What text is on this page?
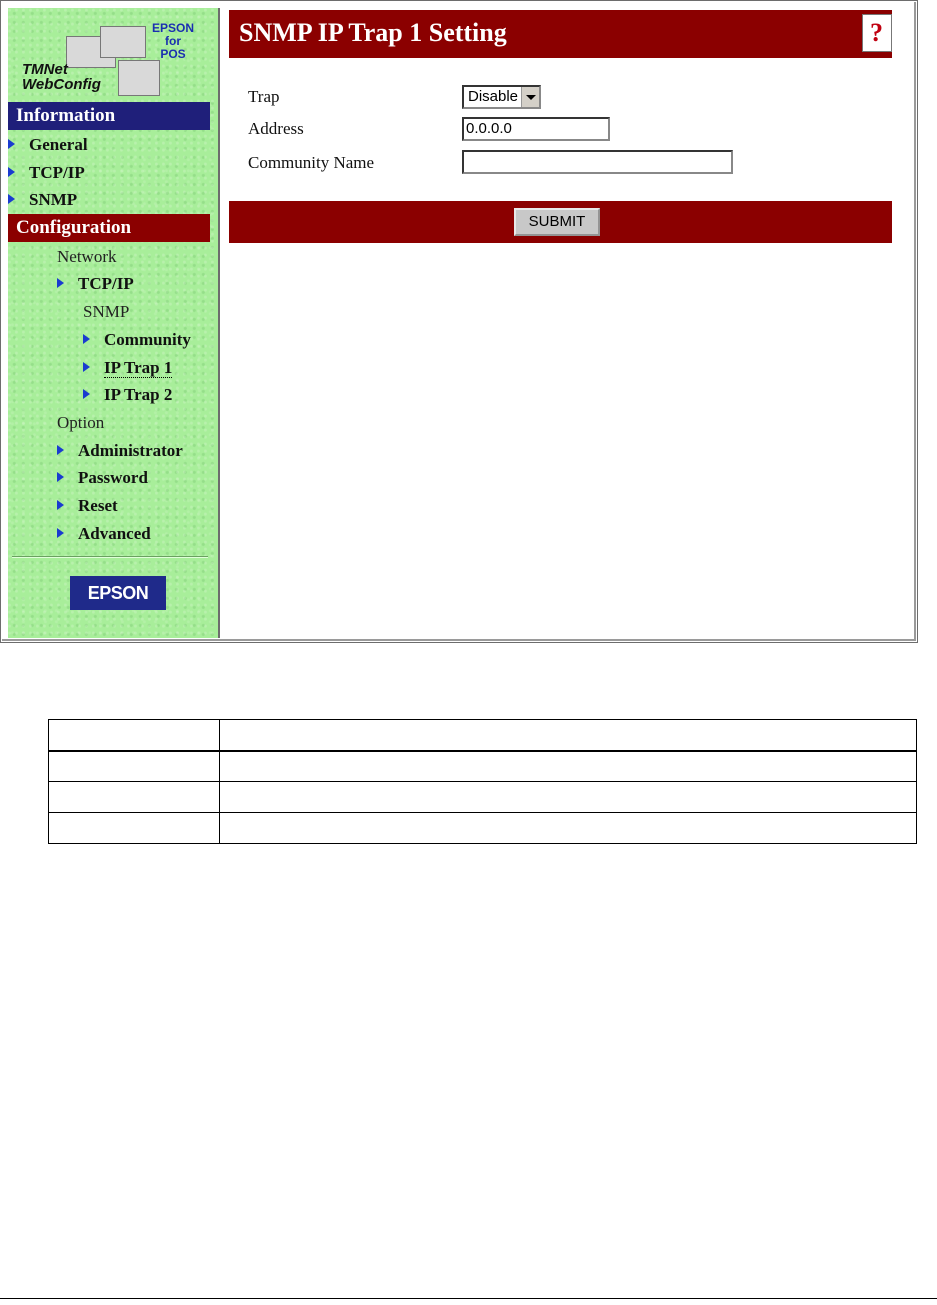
EPSON
for
POS
TMNet
WebConfig
Information
General
TCP/IP
SNMP
Configuration
Network
TCP/IP
SNMP
Community
IP Trap 1
IP Trap 2
Option
Administrator
Password
Reset
Advanced
EPSON
SNMP IP Trap 1 Setting	?
Trap	Disable
Address	0.0.0.0
Community Name
SUBMIT
